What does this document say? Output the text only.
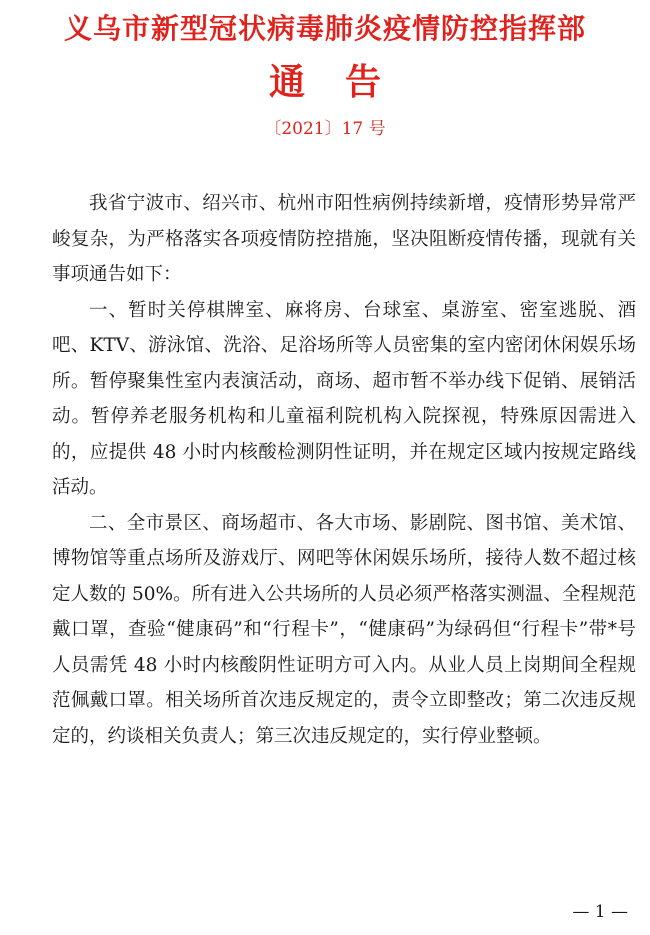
义乌市新型冠状病毒肺炎疫情防控指挥部
通告
〔2021〕17 号

我省宁波市、绍兴市、杭州市阳性病例持续新增，疫情形势异常严峻复杂，为严格落实各项疫情防控措施，坚决阻断疫情传播，现就有关事项通告如下：

一、暂时关停棋牌室、麻将房、台球室、桌游室、密室逃脱、酒吧、KTV、游泳馆、洗浴、足浴场所等人员密集的室内密闭休闲娱乐场所。暂停聚集性室内表演活动，商场、超市暂不举办线下促销、展销活动。暂停养老服务机构和儿童福利院机构入院探视，特殊原因需进入的，应提供 48 小时内核酸检测阴性证明，并在规定区域内按规定路线活动。

二、全市景区、商场超市、各大市场、影剧院、图书馆、美术馆、博物馆等重点场所及游戏厅、网吧等休闲娱乐场所，接待人数不超过核定人数的 50%。所有进入公共场所的人员必须严格落实测温、全程规范戴口罩，查验“健康码”和“行程卡”，“健康码”为绿码但“行程卡”带*号人员需凭 48 小时内核酸阴性证明方可入内。从业人员上岗期间全程规范佩戴口罩。相关场所首次违反规定的，责令立即整改；第二次违反规定的，约谈相关负责人；第三次违反规定的，实行停业整顿。

— 1 —
